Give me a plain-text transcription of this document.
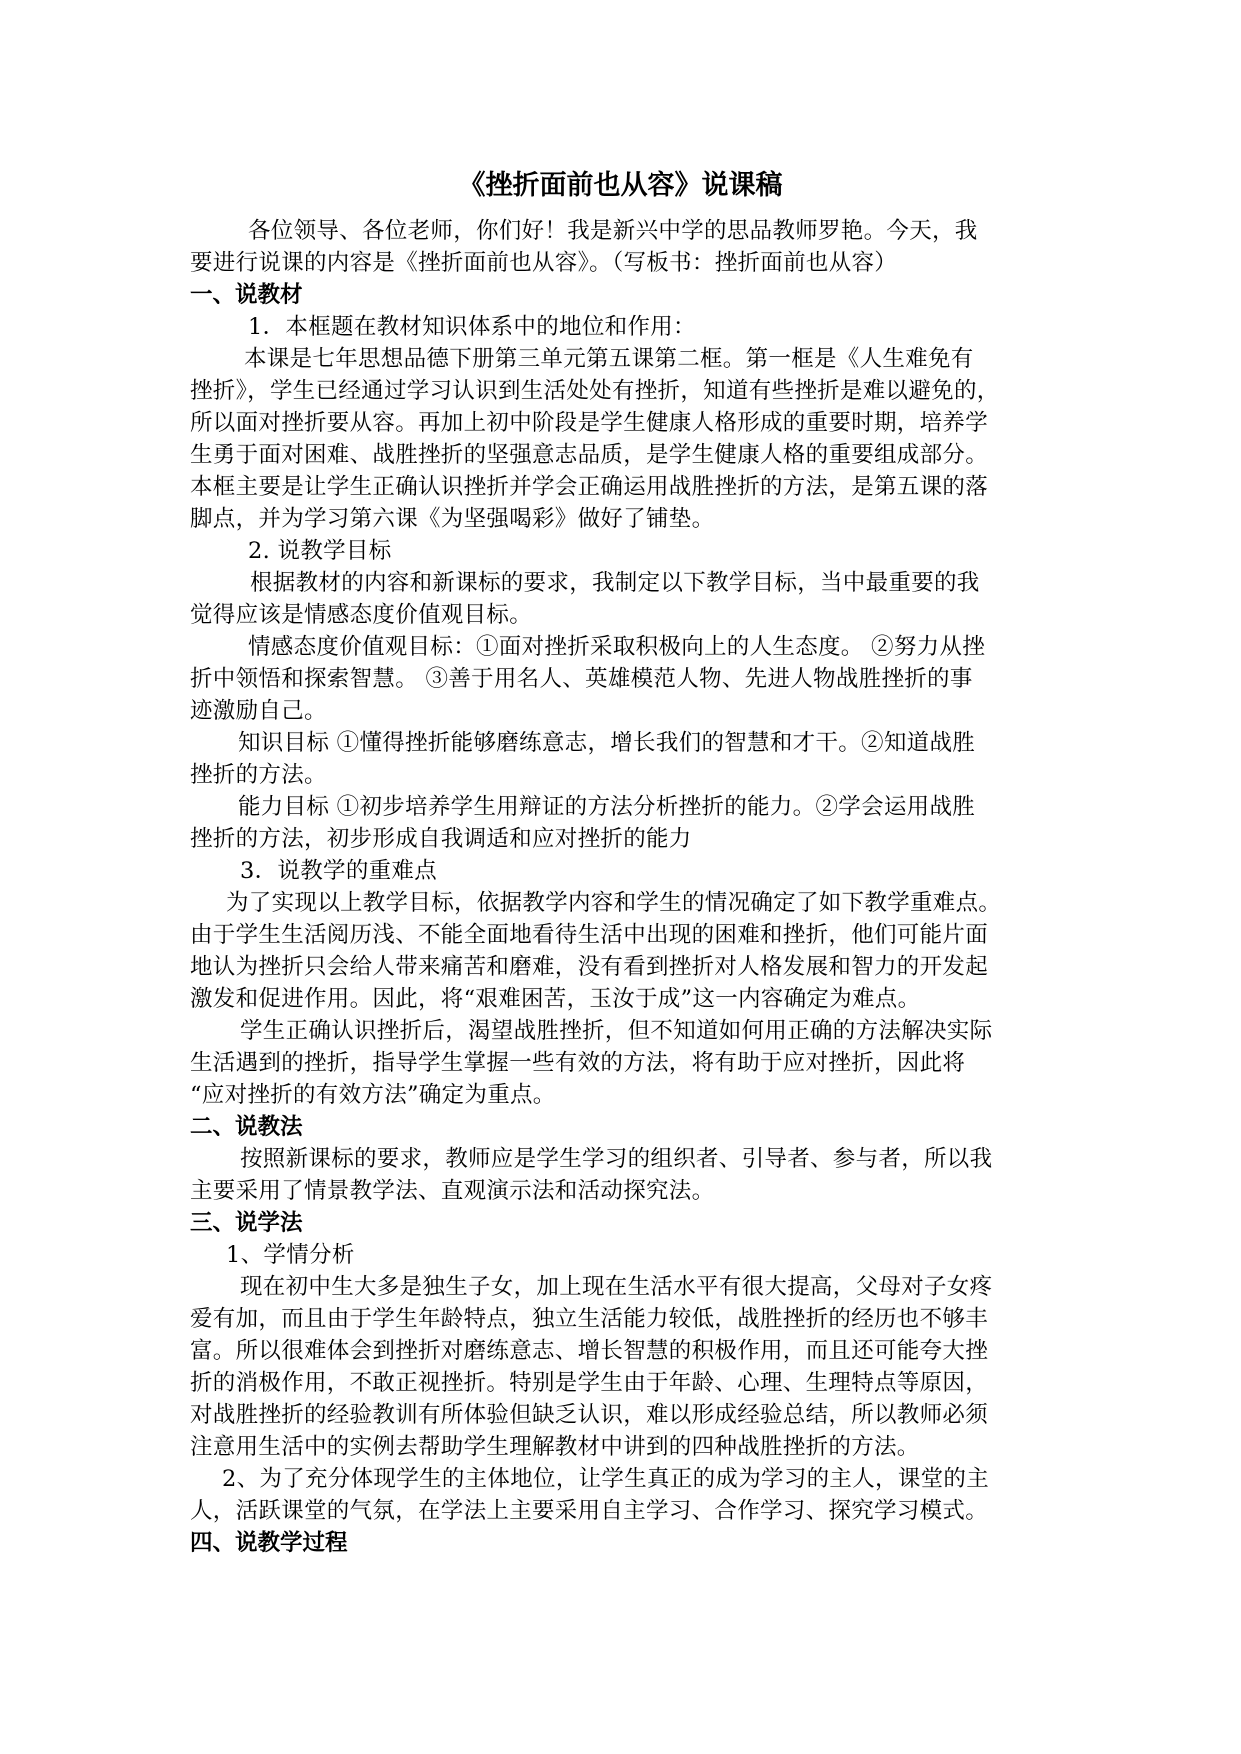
《挫折面前也从容》说课稿
各位领导、各位老师，你们好！我是新兴中学的思品教师罗艳。今天，我
要进行说课的内容是《挫折面前也从容》。（写板书：挫折面前也从容）
一、说教材
1．本框题在教材知识体系中的地位和作用：
本课是七年思想品德下册第三单元第五课第二框。第一框是《人生难免有
挫折》，学生已经通过学习认识到生活处处有挫折，知道有些挫折是难以避免的，
所以面对挫折要从容。再加上初中阶段是学生健康人格形成的重要时期，培养学
生勇于面对困难、战胜挫折的坚强意志品质，是学生健康人格的重要组成部分。
本框主要是让学生正确认识挫折并学会正确运用战胜挫折的方法，是第五课的落
脚点，并为学习第六课《为坚强喝彩》做好了铺垫。
2. 说教学目标
根据教材的内容和新课标的要求，我制定以下教学目标，当中最重要的我
觉得应该是情感态度价值观目标。
情感态度价值观目标：①面对挫折采取积极向上的人生态度。 ②努力从挫
折中领悟和探索智慧。 ③善于用名人、英雄模范人物、先进人物战胜挫折的事
迹激励自己。
知识目标 ①懂得挫折能够磨练意志，增长我们的智慧和才干。②知道战胜
挫折的方法。
能力目标 ①初步培养学生用辩证的方法分析挫折的能力。②学会运用战胜
挫折的方法，初步形成自我调适和应对挫折的能力
3．说教学的重难点
为了实现以上教学目标，依据教学内容和学生的情况确定了如下教学重难点。
由于学生生活阅历浅、不能全面地看待生活中出现的困难和挫折，他们可能片面
地认为挫折只会给人带来痛苦和磨难，没有看到挫折对人格发展和智力的开发起
激发和促进作用。因此，将“艰难困苦，玉汝于成”这一内容确定为难点。
学生正确认识挫折后，渴望战胜挫折，但不知道如何用正确的方法解决实际
生活遇到的挫折，指导学生掌握一些有效的方法，将有助于应对挫折，因此将
“应对挫折的有效方法”确定为重点。
二、说教法
按照新课标的要求，教师应是学生学习的组织者、引导者、参与者，所以我
主要采用了情景教学法、直观演示法和活动探究法。
三、说学法
1、学情分析
现在初中生大多是独生子女，加上现在生活水平有很大提高，父母对子女疼
爱有加，而且由于学生年龄特点，独立生活能力较低，战胜挫折的经历也不够丰
富。所以很难体会到挫折对磨练意志、增长智慧的积极作用，而且还可能夸大挫
折的消极作用，不敢正视挫折。特别是学生由于年龄、心理、生理特点等原因，
对战胜挫折的经验教训有所体验但缺乏认识，难以形成经验总结，所以教师必须
注意用生活中的实例去帮助学生理解教材中讲到的四种战胜挫折的方法。
2、为了充分体现学生的主体地位，让学生真正的成为学习的主人，课堂的主
人，活跃课堂的气氛，在学法上主要采用自主学习、合作学习、探究学习模式。
四、说教学过程
